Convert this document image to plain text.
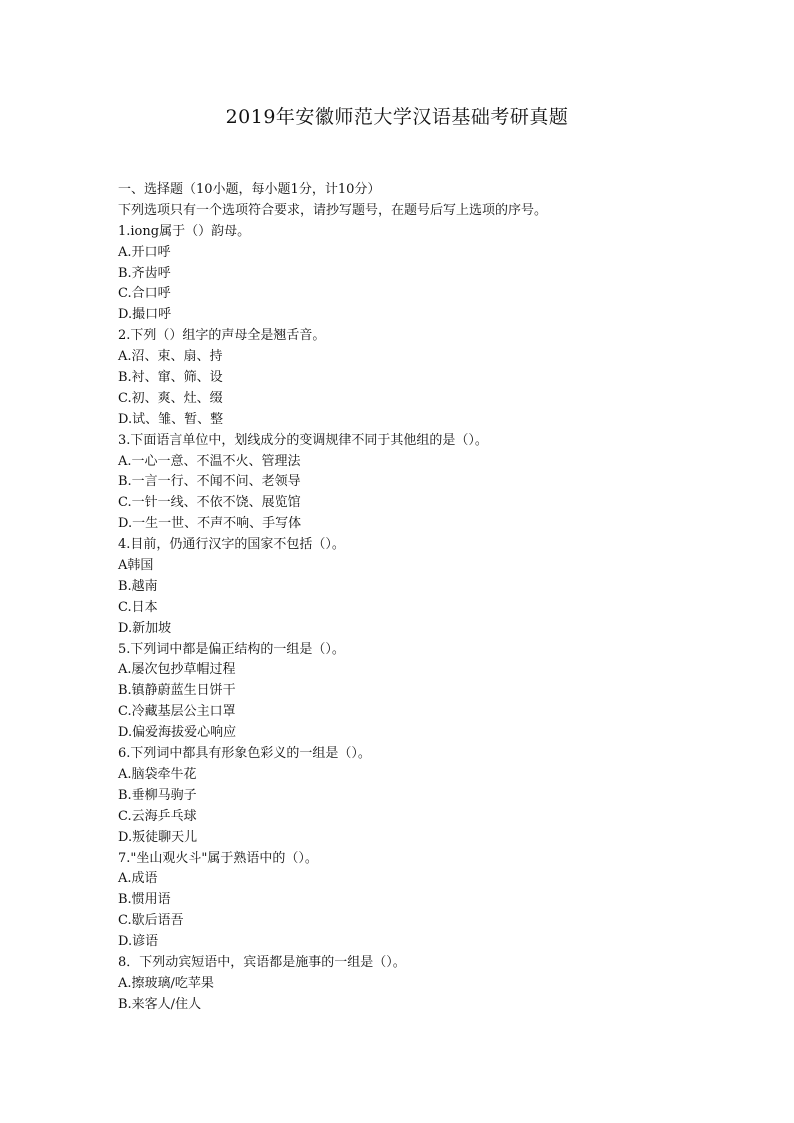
2019年安徽师范大学汉语基础考研真题

一、选择题（10小题，每小题1分，计10分）

下列选项只有一个选项符合要求，请抄写题号，在题号后写上选项的序号。

1.iong属于（）韵母。

A.开口呼

B.齐齿呼

C.合口呼

D.撮口呼

2.下列（）组字的声母全是翘舌音。

A.沼、束、扇、持

B.衬、窜、筛、设

C.初、爽、灶、缀

D.试、雏、暂、整

3.下面语言单位中，划线成分的变调规律不同于其他组的是（）。

A.一心一意、不温不火、管理法

B.一言一行、不闻不问、老领导

C.一针一线、不依不饶、展览馆

D.一生一世、不声不响、手写体

4.目前，仍通行汉字的国家不包括（）。

A韩国

B.越南

C.日本

D.新加坡

5.下列词中都是偏正结构的一组是（）。

A.屡次包抄草帽过程

B.镇静蔚蓝生日饼干

C.冷藏基层公主口罩

D.偏爱海拔爱心响应

6.下列词中都具有形象色彩义的一组是（）。

A.脑袋牵牛花

B.垂柳马驹子

C.云海乒乓球

D.叛徒聊天儿

7."坐山观火斗"属于熟语中的（）。

A.成语

B.惯用语

C.歇后语吾

D.谚语

8．下列动宾短语中，宾语都是施事的一组是（）。

A.擦玻璃/吃苹果

B.来客人/住人
